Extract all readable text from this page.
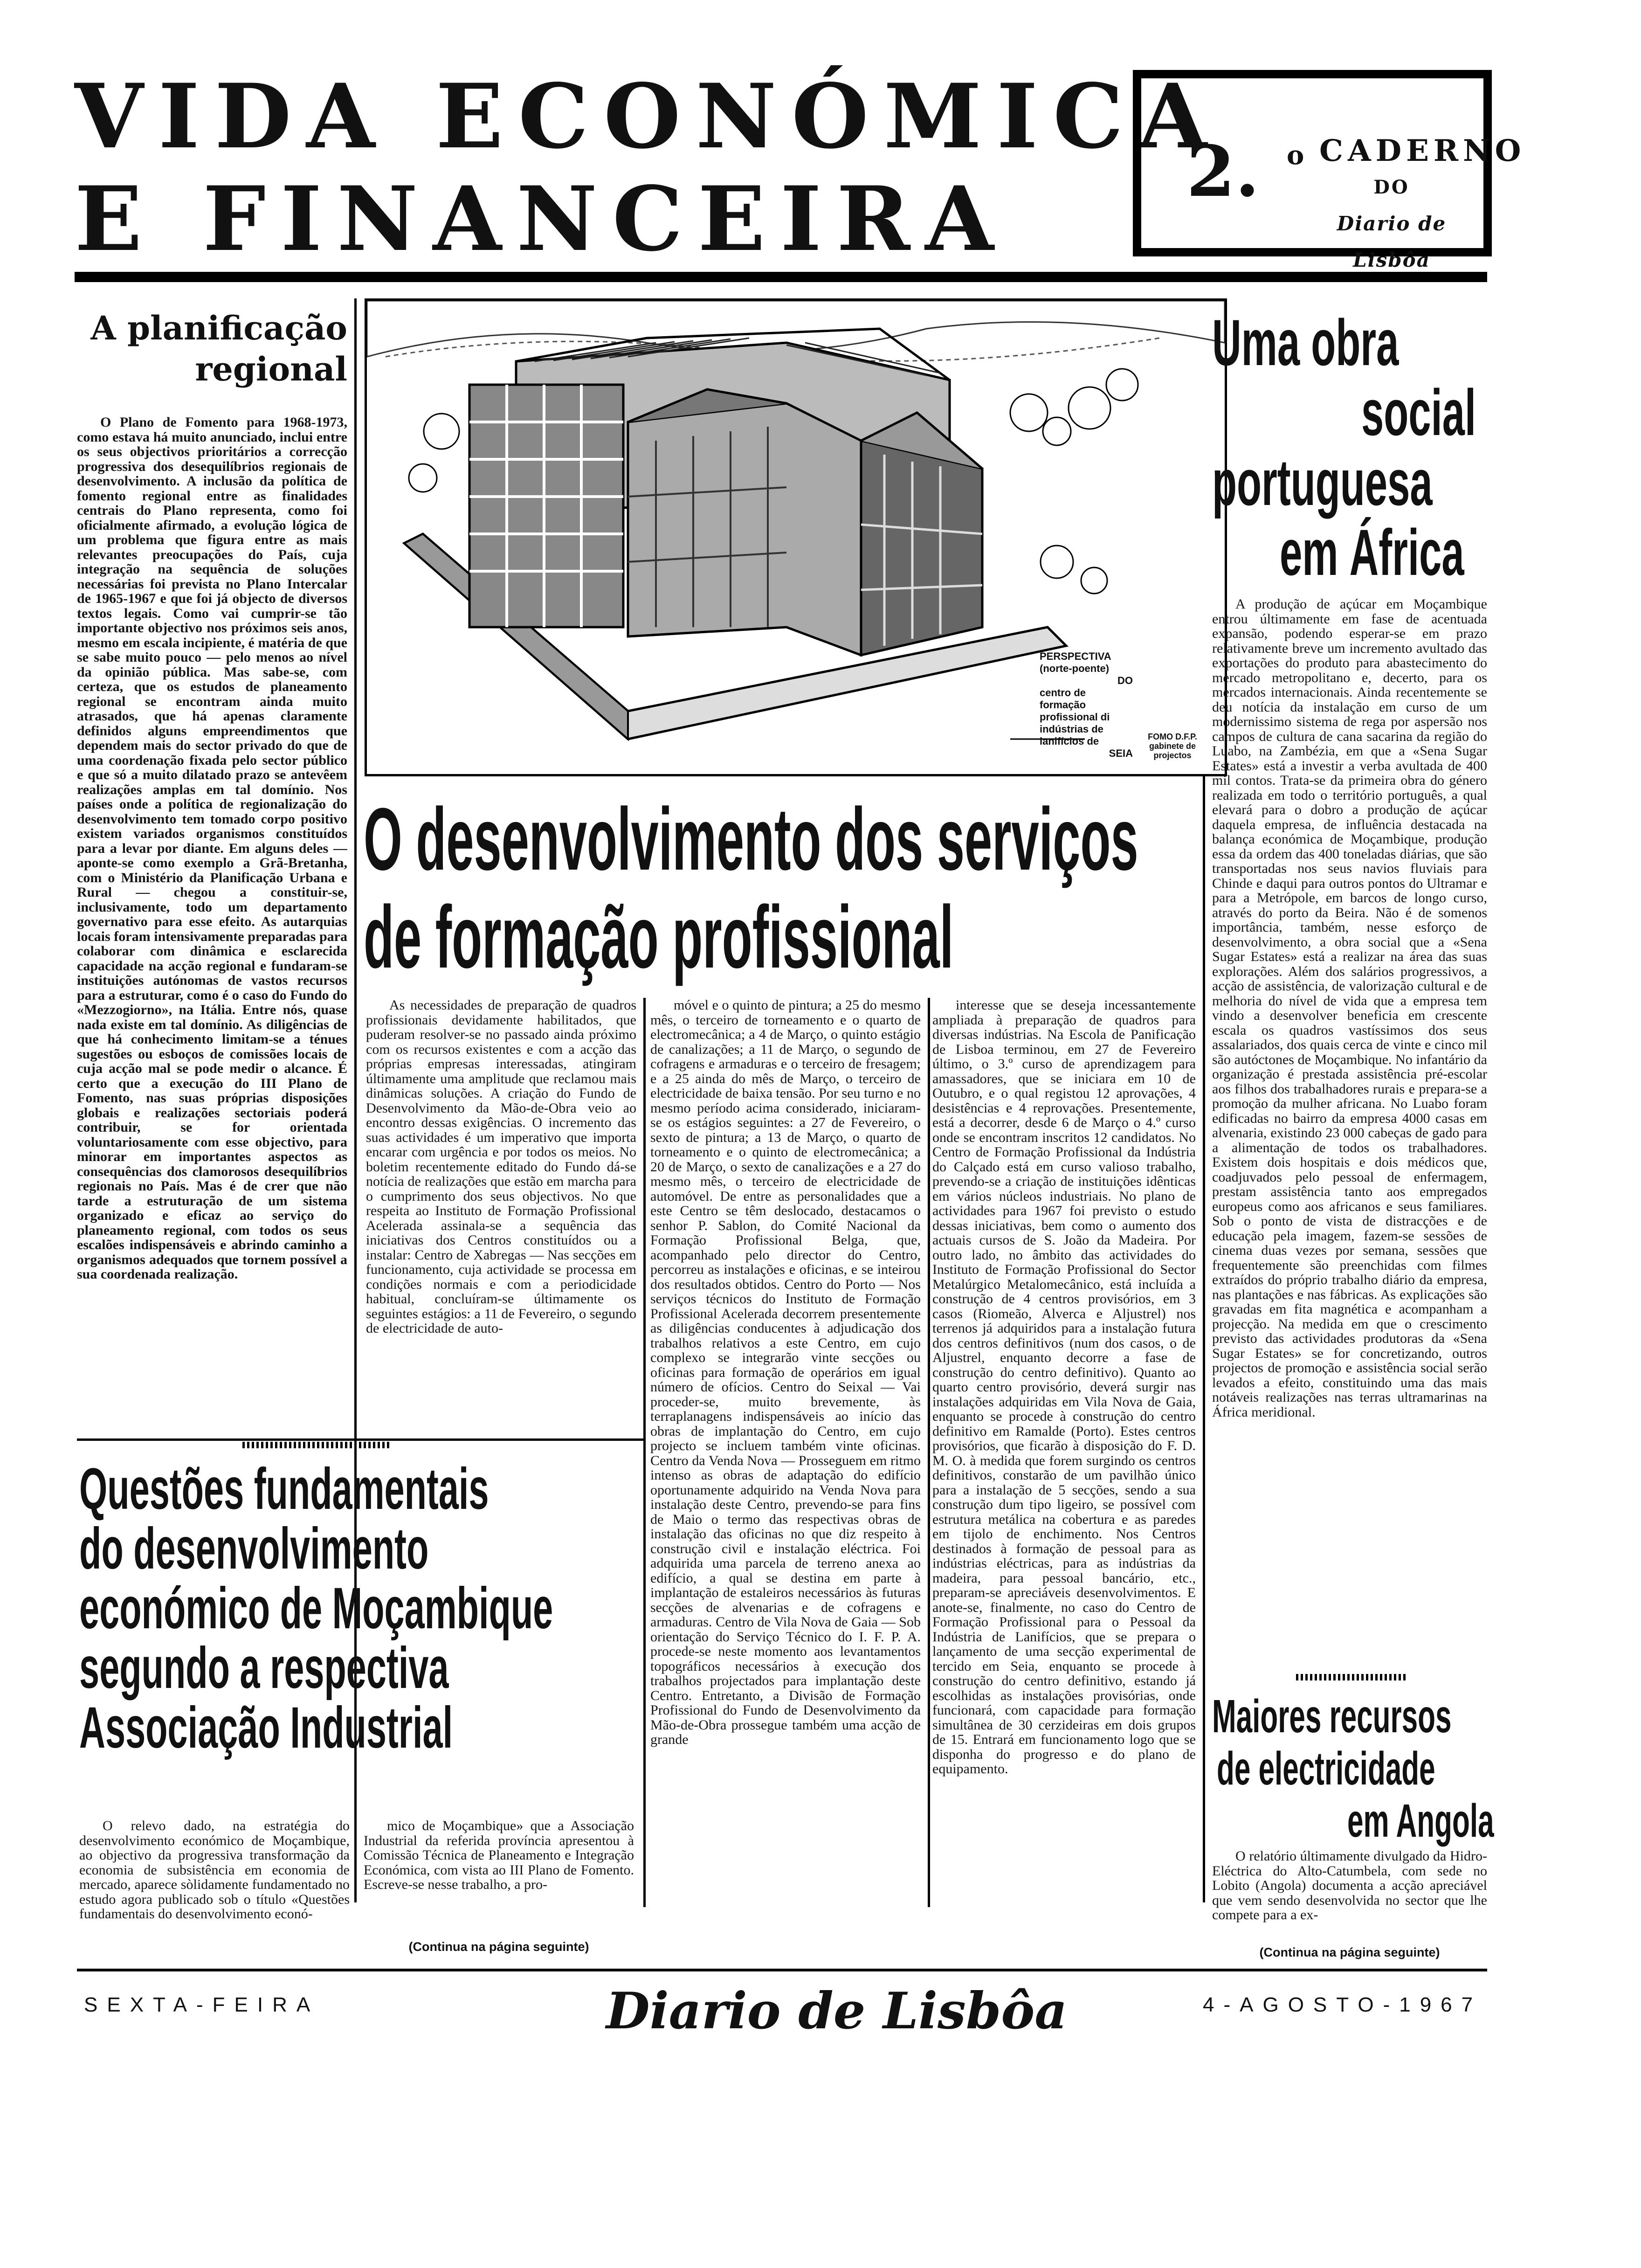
VIDA ECONÓMICA
E FINANCEIRA	2. o CADERNO
DO
Diario de Lisbôa
A planificação
regional

O Plano de Fomento para 1968-1973, como estava há muito anunciado, inclui entre os seus objectivos prioritários a correcção progressiva dos desequilíbrios regionais de desenvolvimento. A inclusão da política de fomento regional entre as finalidades centrais do Plano representa, como foi oficialmente afirmado, a evolução lógica de um problema que figura entre as mais relevantes preocupações do País, cuja integração na sequência de soluções necessárias foi prevista no Plano Intercalar de 1965-1967 e que foi já objecto de diversos textos legais. Como vai cumprir-se tão importante objectivo nos próximos seis anos, mesmo em escala incipiente, é matéria de que se sabe muito pouco — pelo menos ao nível da opinião pública. Mas sabe-se, com certeza, que os estudos de planeamento regional se encontram ainda muito atrasados, que há apenas claramente definidos alguns empreendimentos que dependem mais do sector privado do que de uma coordenação fixada pelo sector público e que só a muito dilatado prazo se antevêem realizações amplas em tal domínio. Nos países onde a política de regionalização do desenvolvimento tem tomado corpo positivo existem variados organismos constituídos para a levar por diante. Em alguns deles — aponte-se como exemplo a Grã-Bretanha, com o Ministério da Planificação Urbana e Rural — chegou a constituir-se, inclusivamente, todo um departamento governativo para esse efeito. As autarquias locais foram intensivamente preparadas para colaborar com dinâmica e esclarecida capacidade na acção regional e fundaram-se instituições autónomas de vastos recursos para a estruturar, como é o caso do Fundo do «Mezzogiorno», na Itália. Entre nós, quase nada existe em tal domínio. As diligências de que há conhecimento limitam-se a ténues sugestões ou esboços de comissões locais de cuja acção mal se pode medir o alcance. É certo que a execução do III Plano de Fomento, nas suas próprias disposições globais e realizações sectoriais poderá contribuir, se for orientada voluntariosamente com esse objectivo, para minorar em importantes aspectos as consequências dos clamorosos desequilíbrios regionais no País. Mas é de crer que não tarde a estruturação de um sistema organizado e eficaz ao serviço do planeamento regional, com todos os seus escalões indispensáveis e abrindo caminho a organismos adequados que tornem possível a sua coordenada realização.

PERSPECTIVA
(norte-poente)
DO
centro de formação profissional di indústrias de lanifícios de
SEIA
FOMO D.F.P. gabinete de projectos
O desenvolvimento dos serviços
de formação profissional

As necessidades de preparação de quadros profissionais devidamente habilitados, que puderam resolver-se no passado ainda próximo com os recursos existentes e com a acção das próprias empresas interessadas, atingiram últimamente uma amplitude que reclamou mais dinâmicas soluções. A criação do Fundo de Desenvolvimento da Mão-de-Obra veio ao encontro dessas exigências. O incremento das suas actividades é um imperativo que importa encarar com urgência e por todos os meios. No boletim recentemente editado do Fundo dá-se notícia de realizações que estão em marcha para o cumprimento dos seus objectivos. No que respeita ao Instituto de Formação Profissional Acelerada assinala-se a sequência das iniciativas dos Centros constituídos ou a instalar: Centro de Xabregas — Nas secções em funcionamento, cuja actividade se processa em condições normais e com a periodicidade habitual, concluíram-se últimamente os seguintes estágios: a 11 de Fevereiro, o segundo de electricidade de auto-

móvel e o quinto de pintura; a 25 do mesmo mês, o terceiro de torneamento e o quarto de electromecânica; a 4 de Março, o quinto estágio de canalizações; a 11 de Março, o segundo de cofragens e armaduras e o terceiro de fresagem; e a 25 ainda do mês de Março, o terceiro de electricidade de baixa tensão. Por seu turno e no mesmo período acima considerado, iniciaram-se os estágios seguintes: a 27 de Fevereiro, o sexto de pintura; a 13 de Março, o quarto de torneamento e o quinto de electromecânica; a 20 de Março, o sexto de canalizações e a 27 do mesmo mês, o terceiro de electricidade de automóvel. De entre as personalidades que a este Centro se têm deslocado, destacamos o senhor P. Sablon, do Comité Nacional da Formação Profissional Belga, que, acompanhado pelo director do Centro, percorreu as instalações e oficinas, e se inteirou dos resultados obtidos. Centro do Porto — Nos serviços técnicos do Instituto de Formação Profissional Acelerada decorrem presentemente as diligências conducentes à adjudicação dos trabalhos relativos a este Centro, em cujo complexo se integrarão vinte secções ou oficinas para formação de operários em igual número de ofícios. Centro do Seixal — Vai proceder-se, muito brevemente, às terraplanagens indispensáveis ao início das obras de implantação do Centro, em cujo projecto se incluem também vinte oficinas. Centro da Venda Nova — Prosseguem em ritmo intenso as obras de adaptação do edifício oportunamente adquirido na Venda Nova para instalação deste Centro, prevendo-se para fins de Maio o termo das respectivas obras de instalação das oficinas no que diz respeito à construção civil e instalação eléctrica. Foi adquirida uma parcela de terreno anexa ao edifício, a qual se destina em parte à implantação de estaleiros necessários às futuras secções de alvenarias e de cofragens e armaduras. Centro de Vila Nova de Gaia — Sob orientação do Serviço Técnico do I. F. P. A. procede-se neste momento aos levantamentos topográficos necessários à execução dos trabalhos projectados para implantação deste Centro. Entretanto, a Divisão de Formação Profissional do Fundo de Desenvolvimento da Mão-de-Obra prossegue também uma acção de grande

interesse que se deseja incessantemente ampliada à preparação de quadros para diversas indústrias. Na Escola de Panificação de Lisboa terminou, em 27 de Fevereiro último, o 3.º curso de aprendizagem para amassadores, que se iniciara em 10 de Outubro, e o qual registou 12 aprovações, 4 desistências e 4 reprovações. Presentemente, está a decorrer, desde 6 de Março o 4.º curso onde se encontram inscritos 12 candidatos. No Centro de Formação Profissional da Indústria do Calçado está em curso valioso trabalho, prevendo-se a criação de instituições idênticas em vários núcleos industriais. No plano de actividades para 1967 foi previsto o estudo dessas iniciativas, bem como o aumento dos actuais cursos de S. João da Madeira. Por outro lado, no âmbito das actividades do Instituto de Formação Profissional do Sector Metalúrgico Metalomecânico, está incluída a construção de 4 centros provisórios, em 3 casos (Riomeão, Alverca e Aljustrel) nos terrenos já adquiridos para a instalação futura dos centros definitivos (num dos casos, o de Aljustrel, enquanto decorre a fase de construção do centro definitivo). Quanto ao quarto centro provisório, deverá surgir nas instalações adquiridas em Vila Nova de Gaia, enquanto se procede à construção do centro definitivo em Ramalde (Porto). Estes centros provisórios, que ficarão à disposição do F. D. M. O. à medida que forem surgindo os centros definitivos, constarão de um pavilhão único para a instalação de 5 secções, sendo a sua construção dum tipo ligeiro, se possível com estrutura metálica na cobertura e as paredes em tijolo de enchimento. Nos Centros destinados à formação de pessoal para as indústrias eléctricas, para as indústrias da madeira, para pessoal bancário, etc., preparam-se apreciáveis desenvolvimentos. E anote-se, finalmente, no caso do Centro de Formação Profissional para o Pessoal da Indústria de Lanifícios, que se prepara o lançamento de uma secção experimental de tercido em Seia, enquanto se procede à construção do centro definitivo, estando já escolhidas as instalações provisórias, onde funcionará, com capacidade para formação simultânea de 30 cerzideiras em dois grupos de 15. Entrará em funcionamento logo que se disponha do progresso e do plano de equipamento.

Questões fundamentais
do desenvolvimento
económico de Moçambique
segundo a respectiva
Associação Industrial

O relevo dado, na estratégia do desenvolvimento económico de Moçambique, ao objectivo da progressiva transformação da economia de subsistência em economia de mercado, aparece sòlidamente fundamentado no estudo agora publicado sob o título «Questões fundamentais do desenvolvimento econó-

mico de Moçambique» que a Associação Industrial da referida província apresentou à Comissão Técnica de Planeamento e Integração Económica, com vista ao III Plano de Fomento. Escreve-se nesse trabalho, a pro-

(Continua na página seguinte)
Uma obra
social
portuguesa
em África

A produção de açúcar em Moçambique entrou últimamente em fase de acentuada expansão, podendo esperar-se em prazo relativamente breve um incremento avultado das exportações do produto para abastecimento do mercado metropolitano e, decerto, para os mercados internacionais. Ainda recentemente se deu notícia da instalação em curso de um modernissimo sistema de rega por aspersão nos campos de cultura de cana sacarina da região do Luabo, na Zambézia, em que a «Sena Sugar Estates» está a investir a verba avultada de 400 mil contos. Trata-se da primeira obra do género realizada em todo o território português, a qual elevará para o dobro a produção de açúcar daquela empresa, de influência destacada na balança económica de Moçambique, produção essa da ordem das 400 toneladas diárias, que são transportadas nos seus navios fluviais para Chinde e daqui para outros pontos do Ultramar e para a Metrópole, em barcos de longo curso, através do porto da Beira. Não é de somenos importância, também, nesse esforço de desenvolvimento, a obra social que a «Sena Sugar Estates» está a realizar na área das suas explorações. Além dos salários progressivos, a acção de assistência, de valorização cultural e de melhoria do nível de vida que a empresa tem vindo a desenvolver beneficia em crescente escala os quadros vastíssimos dos seus assalariados, dos quais cerca de vinte e cinco mil são autóctones de Moçambique. No infantário da organização é prestada assistência pré-escolar aos filhos dos trabalhadores rurais e prepara-se a promoção da mulher africana. No Luabo foram edificadas no bairro da empresa 4000 casas em alvenaria, existindo 23 000 cabeças de gado para a alimentação de todos os trabalhadores. Existem dois hospitais e dois médicos que, coadjuvados pelo pessoal de enfermagem, prestam assistência tanto aos empregados europeus como aos africanos e seus familiares. Sob o ponto de vista de distracções e de educação pela imagem, fazem-se sessões de cinema duas vezes por semana, sessões que frequentemente são preenchidas com filmes extraídos do próprio trabalho diário da empresa, nas plantações e nas fábricas. As explicações são gravadas em fita magnética e acompanham a projecção. Na medida em que o crescimento previsto das actividades produtoras da «Sena Sugar Estates» se for concretizando, outros projectos de promoção e assistência social serão levados a efeito, constituindo uma das mais notáveis realizações nas terras ultramarinas na África meridional.

Maiores recursos
de electricidade
em Angola

O relatório últimamente divulgado da Hidro-Eléctrica do Alto-Catumbela, com sede no Lobito (Angola) documenta a acção apreciável que vem sendo desenvolvida no sector que lhe compete para a ex-

(Continua na página seguinte)
SEXTA-FEIRA	Diario de Lisbôa	4-AGOSTO-1967
